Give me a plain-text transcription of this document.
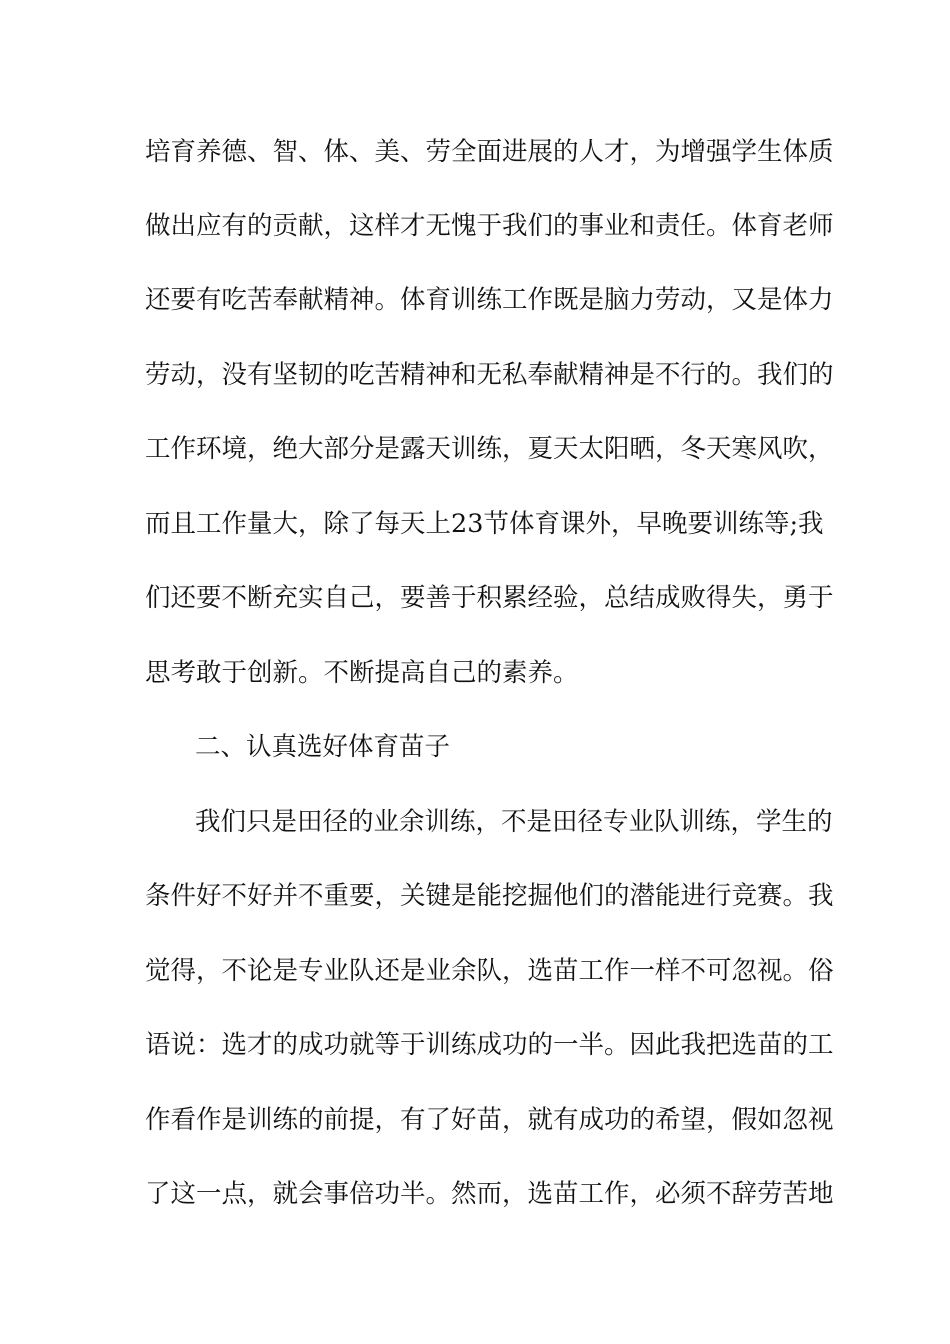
培育养德、智、体、美、劳全面进展的人才，为增强学生体质
做出应有的贡献，这样才无愧于我们的事业和责任。体育老师
还要有吃苦奉献精神。体育训练工作既是脑力劳动，又是体力
劳动，没有坚韧的吃苦精神和无私奉献精神是不行的。我们的
工作环境，绝大部分是露天训练，夏天太阳晒，冬天寒风吹，
而且工作量大，除了每天上23节体育课外，早晚要训练等;我
们还要不断充实自己，要善于积累经验，总结成败得失，勇于
思考敢于创新。不断提高自己的素养。
二、认真选好体育苗子
我们只是田径的业余训练，不是田径专业队训练，学生的
条件好不好并不重要，关键是能挖掘他们的潜能进行竞赛。我
觉得，不论是专业队还是业余队，选苗工作一样不可忽视。俗
语说：选才的成功就等于训练成功的一半。因此我把选苗的工
作看作是训练的前提，有了好苗，就有成功的希望，假如忽视
了这一点，就会事倍功半。然而，选苗工作，必须不辞劳苦地
